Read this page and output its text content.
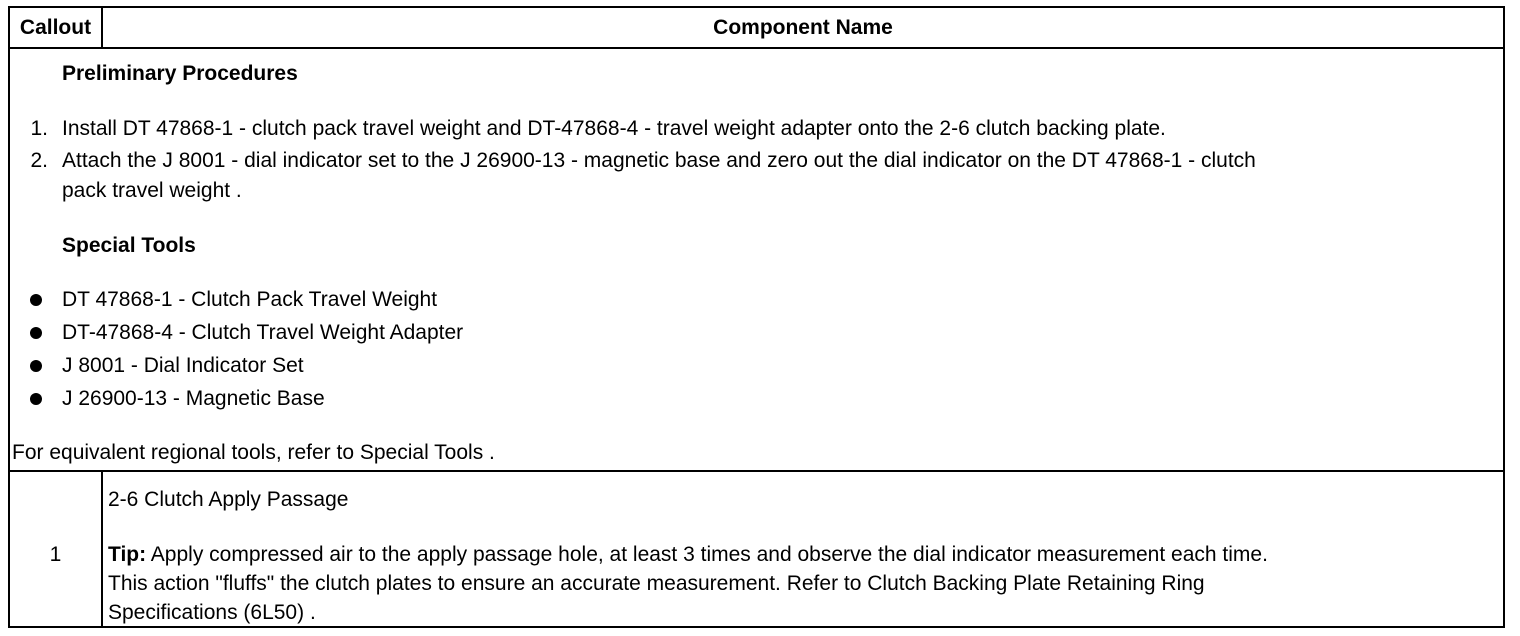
Callout	Component Name
Preliminary Procedures
1. Install DT 47868-1 - clutch pack travel weight and DT-47868-4 - travel weight adapter onto the 2-6 clutch backing plate.
2. Attach the J 8001 - dial indicator set to the J 26900-13 - magnetic base and zero out the dial indicator on the DT 47868-1 - clutch
pack travel weight .
Special Tools
DT 47868-1 - Clutch Pack Travel Weight
DT-47868-4 - Clutch Travel Weight Adapter
J 8001 - Dial Indicator Set
J 26900-13 - Magnetic Base
For equivalent regional tools, refer to Special Tools .
1
2-6 Clutch Apply Passage
Tip: Apply compressed air to the apply passage hole, at least 3 times and observe the dial indicator measurement each time.
This action "fluffs" the clutch plates to ensure an accurate measurement. Refer to Clutch Backing Plate Retaining Ring
Specifications (6L50) .
